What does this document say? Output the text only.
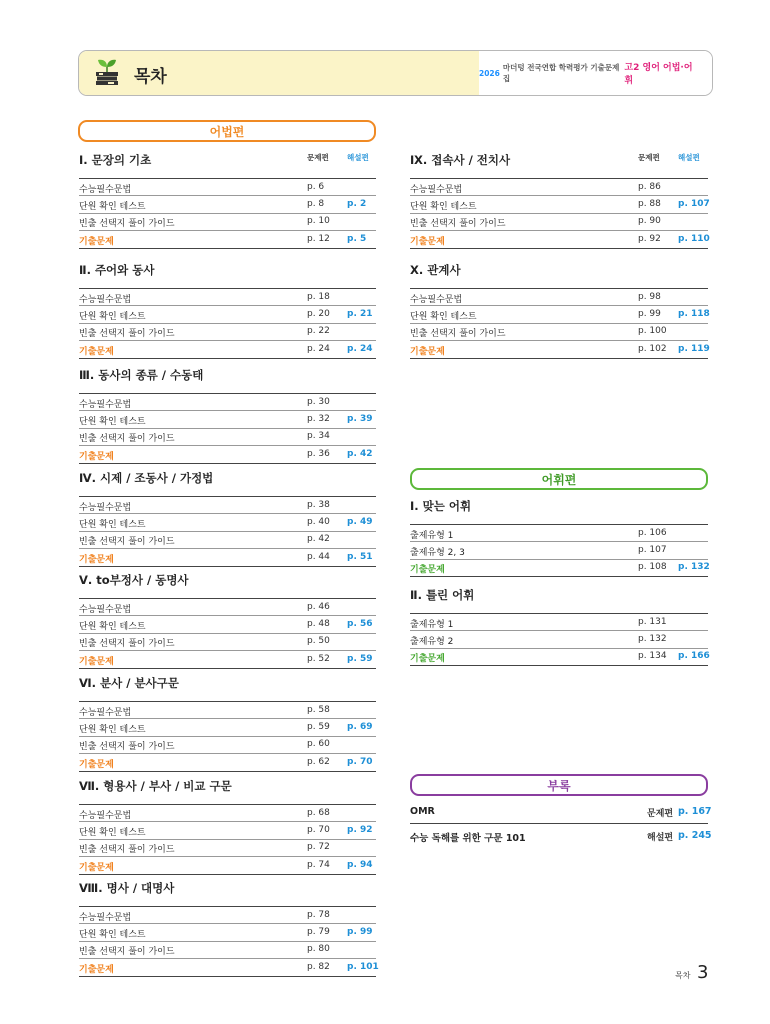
목차	2026
마더텅 전국연합 학력평가 기출문제집
고2 영어 어법·어휘
어법편
어휘편
부록
Ⅰ. 문장의 기초	문제편 해설편
수능필수문법	p. 6
단원 확인 테스트	p. 8	p. 2
빈출 선택지 풀이 가이드	p. 10
기출문제	p. 12 p. 5
Ⅱ. 주어와 동사
수능필수문법	p. 18
단원 확인 테스트	p. 20 p. 21
빈출 선택지 풀이 가이드	p. 22
기출문제	p. 24 p. 24
Ⅲ. 동사의 종류 / 수동태
수능필수문법	p. 30
단원 확인 테스트	p. 32 p. 39
빈출 선택지 풀이 가이드	p. 34
기출문제	p. 36 p. 42
Ⅳ. 시제 / 조동사 / 가정법
수능필수문법	p. 38
단원 확인 테스트	p. 40 p. 49
빈출 선택지 풀이 가이드	p. 42
기출문제	p. 44 p. 51
Ⅴ. to부정사 / 동명사
수능필수문법	p. 46
단원 확인 테스트	p. 48 p. 56
빈출 선택지 풀이 가이드	p. 50
기출문제	p. 52 p. 59
Ⅵ. 분사 / 분사구문
수능필수문법	p. 58
단원 확인 테스트	p. 59 p. 69
빈출 선택지 풀이 가이드	p. 60
기출문제	p. 62 p. 70
Ⅶ. 형용사 / 부사 / 비교 구문
수능필수문법	p. 68
단원 확인 테스트	p. 70 p. 92
빈출 선택지 풀이 가이드	p. 72
기출문제	p. 74 p. 94
Ⅷ. 명사 / 대명사
수능필수문법	p. 78
단원 확인 테스트	p. 79 p. 99
빈출 선택지 풀이 가이드	p. 80
기출문제	p. 82 p. 101
Ⅸ. 접속사 / 전치사	문제편 해설편
수능필수문법	p. 86
단원 확인 테스트	p. 88 p. 107
빈출 선택지 풀이 가이드	p. 90
기출문제	p. 92 p. 110
Ⅹ. 관계사
수능필수문법	p. 98
단원 확인 테스트	p. 99 p. 118
빈출 선택지 풀이 가이드	p. 100
기출문제	p. 102 p. 119
Ⅰ. 맞는 어휘
출제유형 1	p. 106
출제유형 2, 3	p. 107
기출문제	p. 108 p. 132
Ⅱ. 틀린 어휘
출제유형 1	p. 131
출제유형 2	p. 132
기출문제	p. 134 p. 166
OMR	문제편 p. 167
수능 독해를 위한 구문 101	해설편 p. 245
목차 3
